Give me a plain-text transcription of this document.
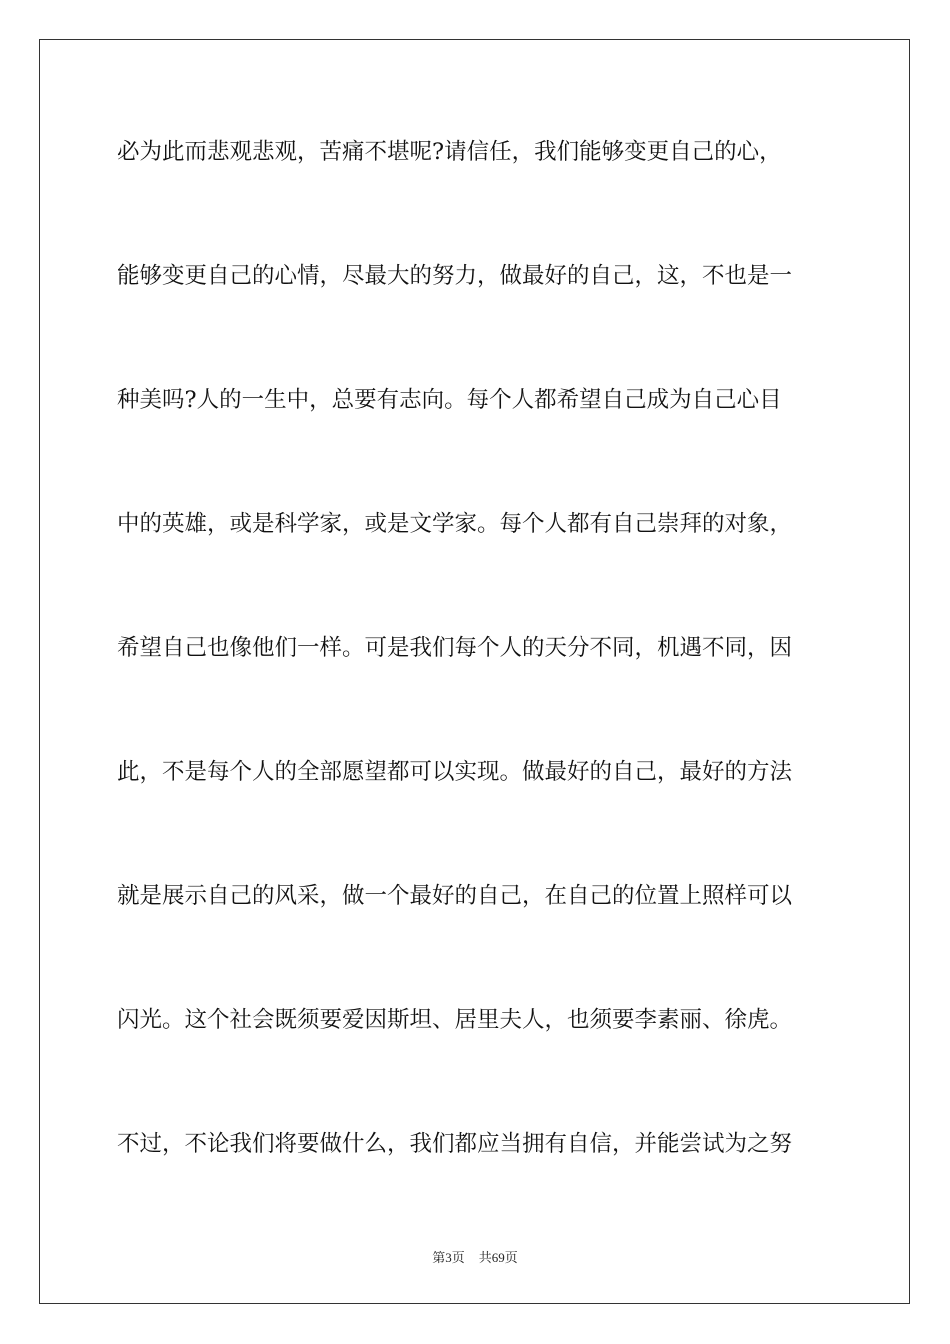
必为此而悲观悲观，苦痛不堪呢?请信任，我们能够变更自己的心，
能够变更自己的心情，尽最大的努力，做最好的自己，这，不也是一
种美吗?人的一生中，总要有志向。每个人都希望自己成为自己心目
中的英雄，或是科学家，或是文学家。每个人都有自己崇拜的对象，
希望自己也像他们一样。可是我们每个人的天分不同，机遇不同，因
此，不是每个人的全部愿望都可以实现。做最好的自己，最好的方法
就是展示自己的风采，做一个最好的自己，在自己的位置上照样可以
闪光。这个社会既须要爱因斯坦、居里夫人，也须要李素丽、徐虎。
不过，不论我们将要做什么，我们都应当拥有自信，并能尝试为之努
第3页 共69页
